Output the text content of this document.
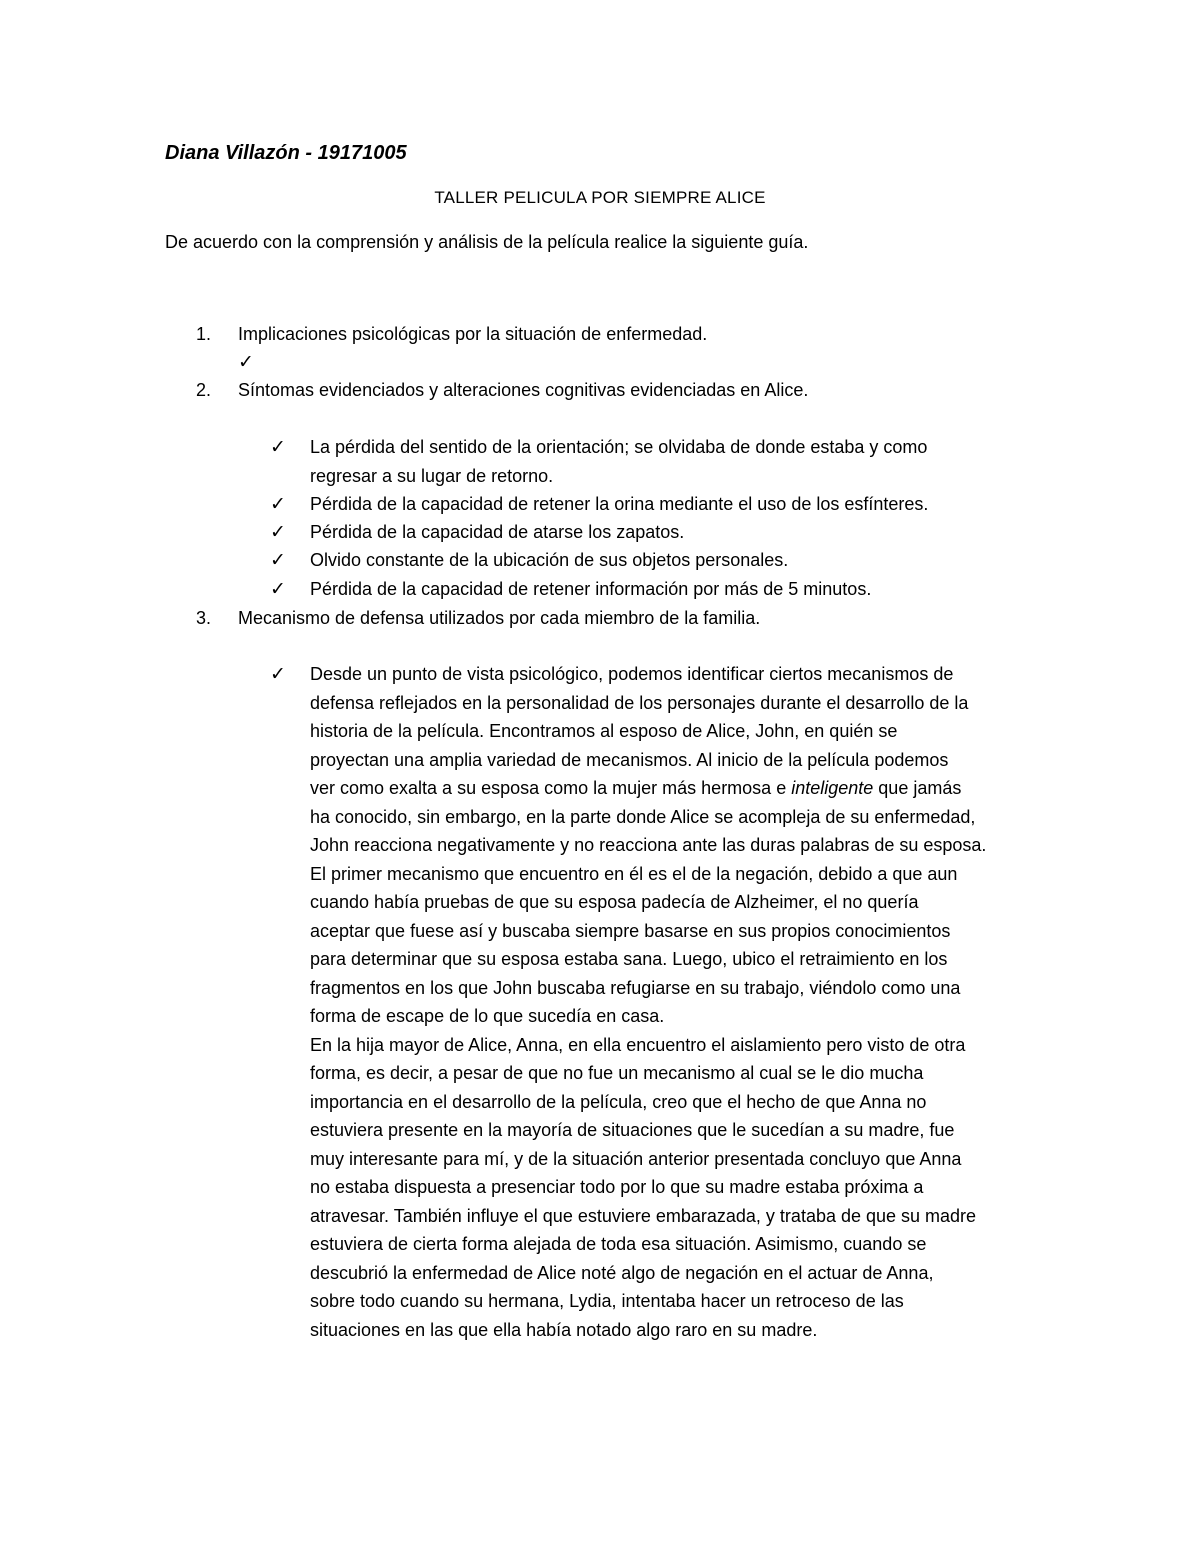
Diana Villazón - 19171005
TALLER PELICULA POR SIEMPRE ALICE
De acuerdo con la comprensión y análisis de la película realice la siguiente guía.
1. Implicaciones psicológicas por la situación de enfermedad.
✓
2. Síntomas evidenciados y alteraciones cognitivas evidenciadas en Alice.
✓ La pérdida del sentido de la orientación; se olvidaba de donde estaba y como
regresar a su lugar de retorno.
✓ Pérdida de la capacidad de retener la orina mediante el uso de los esfínteres.
✓ Pérdida de la capacidad de atarse los zapatos.
✓ Olvido constante de la ubicación de sus objetos personales.
✓ Pérdida de la capacidad de retener información por más de 5 minutos.
3. Mecanismo de defensa utilizados por cada miembro de la familia.
✓ Desde un punto de vista psicológico, podemos identificar ciertos mecanismos de
defensa reflejados en la personalidad de los personajes durante el desarrollo de la
historia de la película. Encontramos al esposo de Alice, John, en quién se
proyectan una amplia variedad de mecanismos. Al inicio de la película podemos
ver como exalta a su esposa como la mujer más hermosa e inteligente que jamás
ha conocido, sin embargo, en la parte donde Alice se acompleja de su enfermedad,
John reacciona negativamente y no reacciona ante las duras palabras de su esposa.
El primer mecanismo que encuentro en él es el de la negación, debido a que aun
cuando había pruebas de que su esposa padecía de Alzheimer, el no quería
aceptar que fuese así y buscaba siempre basarse en sus propios conocimientos
para determinar que su esposa estaba sana. Luego, ubico el retraimiento en los
fragmentos en los que John buscaba refugiarse en su trabajo, viéndolo como una
forma de escape de lo que sucedía en casa.
En la hija mayor de Alice, Anna, en ella encuentro el aislamiento pero visto de otra
forma, es decir, a pesar de que no fue un mecanismo al cual se le dio mucha
importancia en el desarrollo de la película, creo que el hecho de que Anna no
estuviera presente en la mayoría de situaciones que le sucedían a su madre, fue
muy interesante para mí, y de la situación anterior presentada concluyo que Anna
no estaba dispuesta a presenciar todo por lo que su madre estaba próxima a
atravesar. También influye el que estuviere embarazada, y trataba de que su madre
estuviera de cierta forma alejada de toda esa situación. Asimismo, cuando se
descubrió la enfermedad de Alice noté algo de negación en el actuar de Anna,
sobre todo cuando su hermana, Lydia, intentaba hacer un retroceso de las
situaciones en las que ella había notado algo raro en su madre.
